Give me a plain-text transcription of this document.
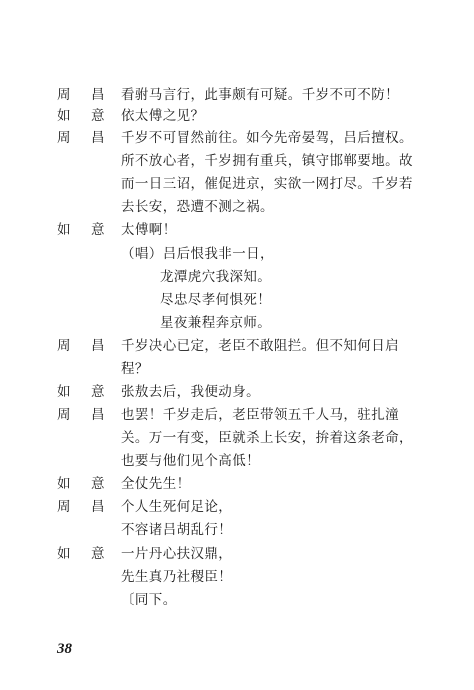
周 昌 看驸马言行，此事颇有可疑。千岁不可不防！
如 意 依太傅之见？
周 昌 千岁不可冒然前往。如今先帝晏驾，吕后擅权。
所不放心者，千岁拥有重兵，镇守邯郸要地。故
而一日三诏，催促进京，实欲一网打尽。千岁若
去长安，恐遭不测之祸。
如 意 太傅啊！
（唱）吕后恨我非一日，
龙潭虎穴我深知。
尽忠尽孝何惧死！
星夜兼程奔京师。
周 昌 千岁决心已定，老臣不敢阻拦。但不知何日启
程？
如 意 张敖去后，我便动身。
周 昌 也罢！千岁走后，老臣带领五千人马，驻扎潼
关。万一有变，臣就杀上长安，拚着这条老命，
也要与他们见个高低！
如 意 全仗先生！
周 昌 个人生死何足论，
不容诸吕胡乱行！
如 意 一片丹心扶汉鼎，
先生真乃社稷臣！
〔同下。
38
